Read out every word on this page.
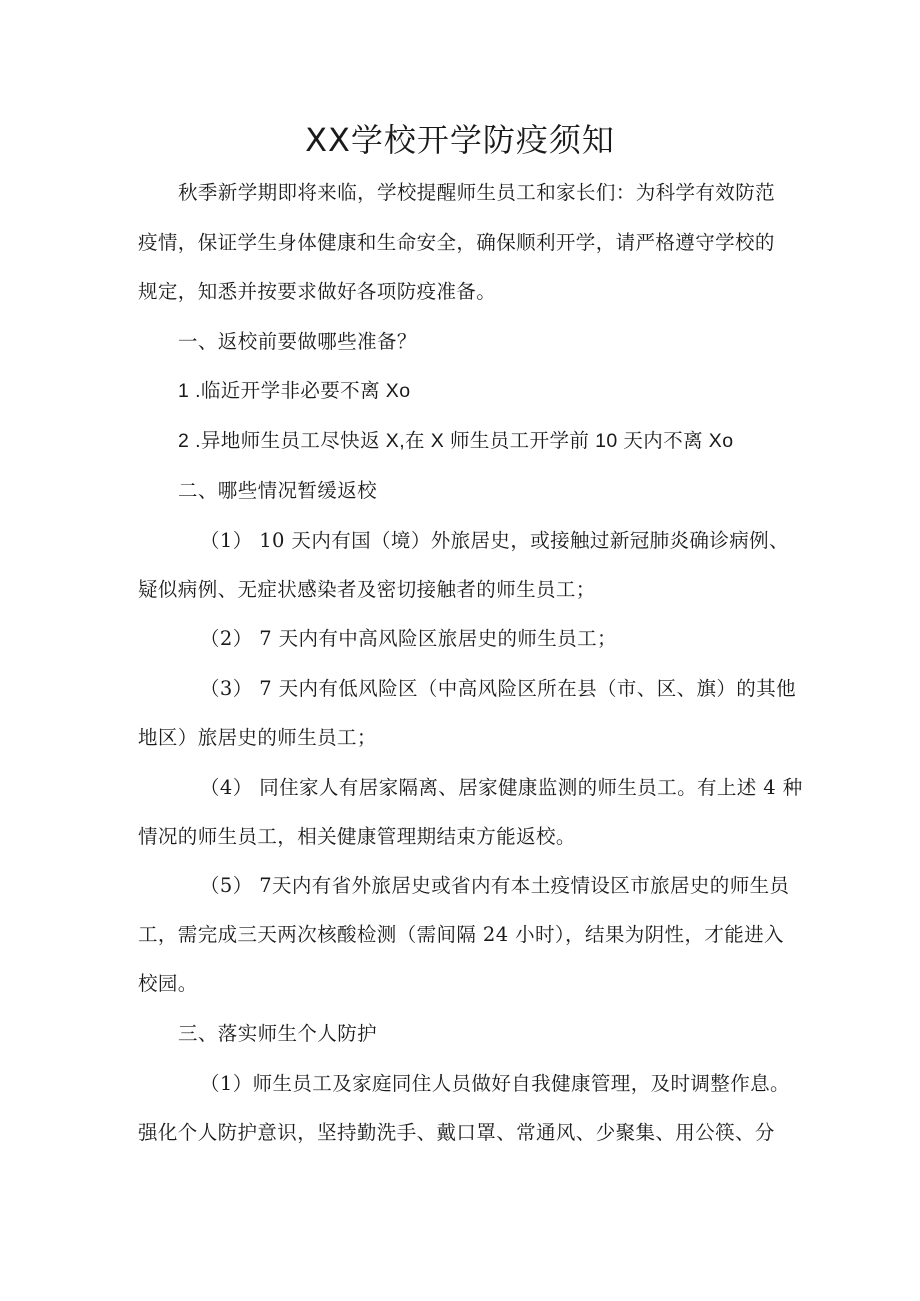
XX学校开学防疫须知
秋季新学期即将来临，学校提醒师生员工和家长们：为科学有效防范
疫情，保证学生身体健康和生命安全，确保顺利开学，请严格遵守学校的
规定，知悉并按要求做好各项防疫准备。
一、返校前要做哪些准备？
1 .临近开学非必要不离 Xo
2 .异地师生员工尽快返 X,在 X 师生员工开学前 10 天内不离 Xo
二、哪些情况暂缓返校
（1） 10 天内有国（境）外旅居史，或接触过新冠肺炎确诊病例、
疑似病例、无症状感染者及密切接触者的师生员工；
（2） 7 天内有中高风险区旅居史的师生员工；
（3） 7 天内有低风险区（中高风险区所在县（市、区、旗）的其他
地区）旅居史的师生员工；
（4） 同住家人有居家隔离、居家健康监测的师生员工。有上述 4 种
情况的师生员工，相关健康管理期结束方能返校。
（5） 7天内有省外旅居史或省内有本土疫情设区市旅居史的师生员
工，需完成三天两次核酸检测（需间隔 24 小时），结果为阴性，才能进入
校园。
三、落实师生个人防护
（1）师生员工及家庭同住人员做好自我健康管理，及时调整作息。
强化个人防护意识，坚持勤洗手、戴口罩、常通风、少聚集、用公筷、分
